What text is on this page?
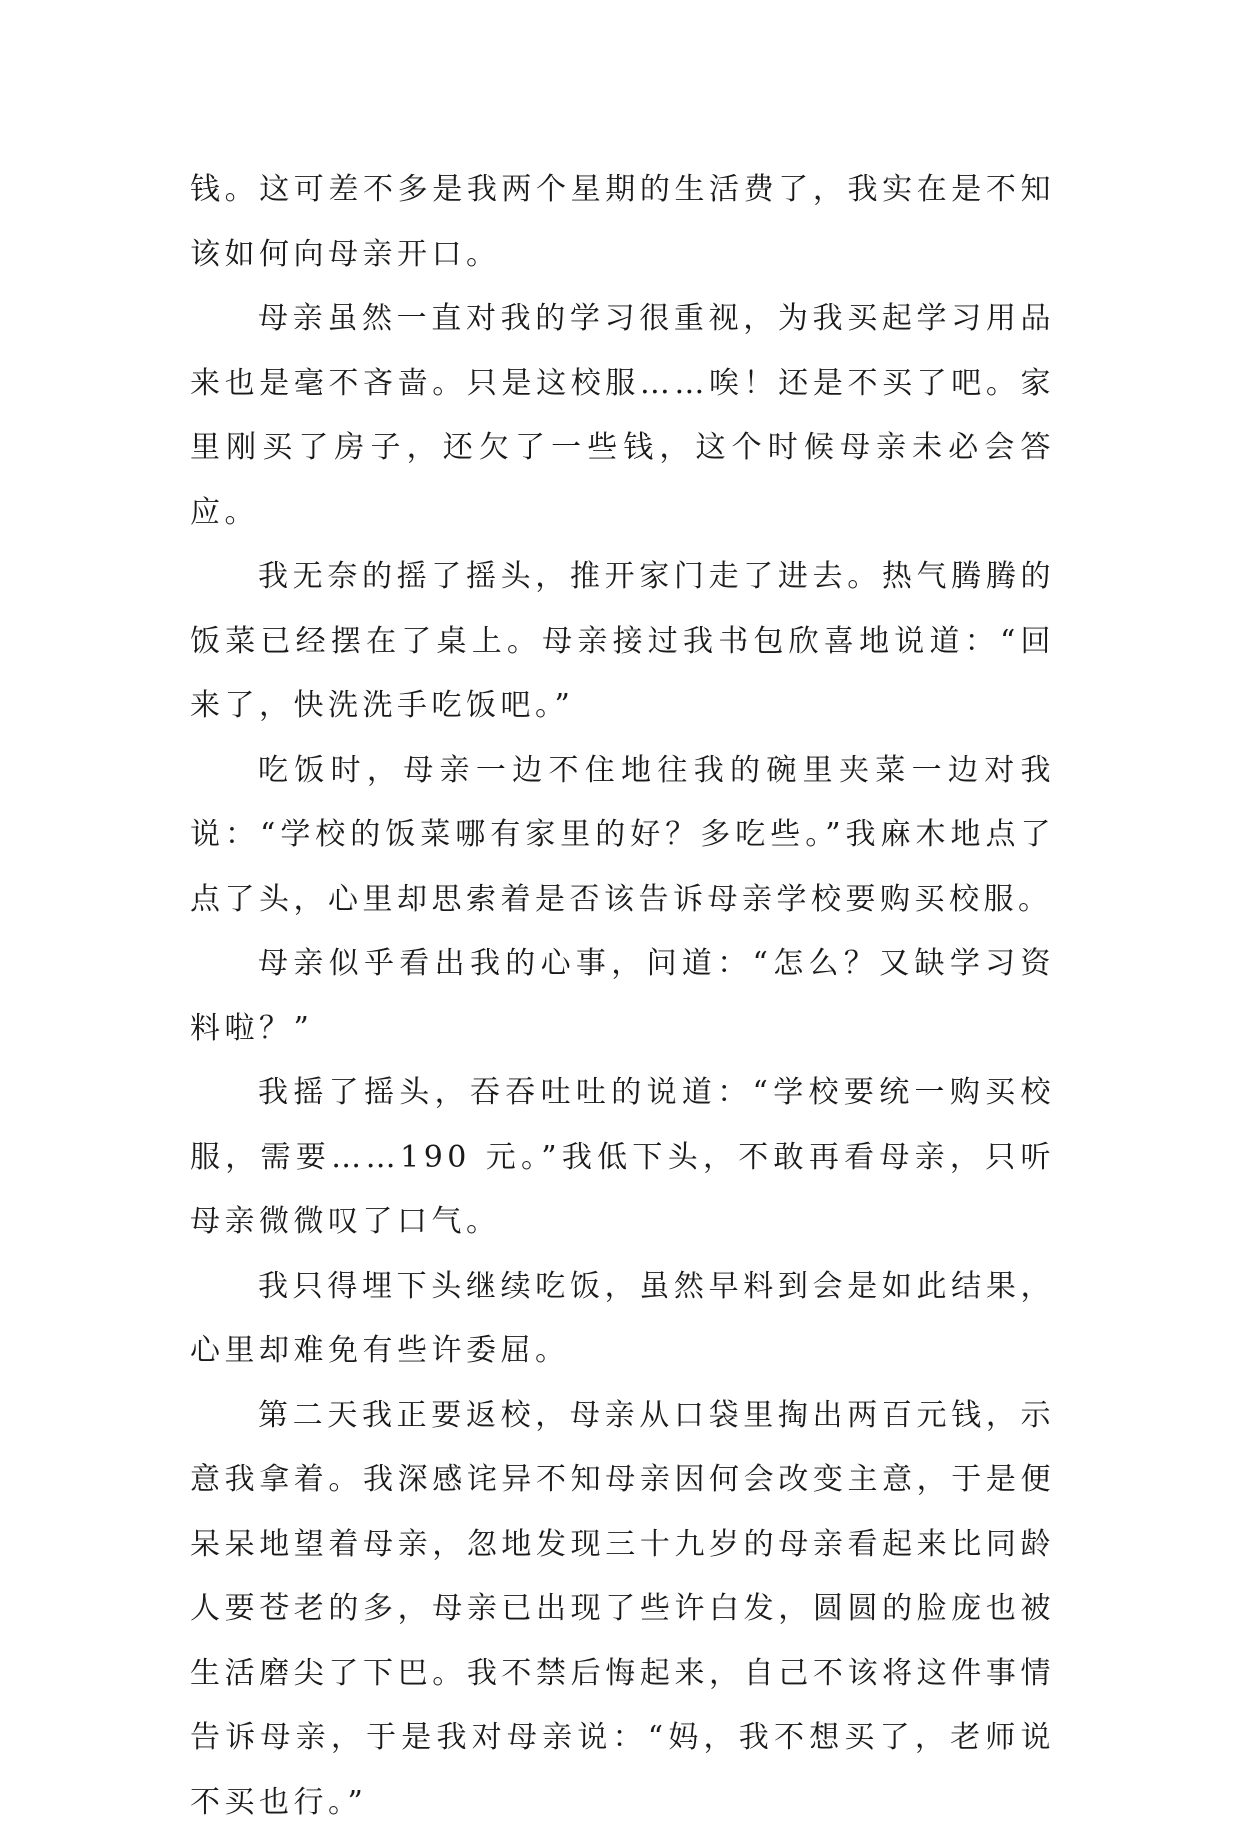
钱。这可差不多是我两个星期的生活费了，我实在是不知该如何向母亲开口。

母亲虽然一直对我的学习很重视，为我买起学习用品来也是毫不吝啬。只是这校服……唉！还是不买了吧。家里刚买了房子，还欠了一些钱，这个时候母亲未必会答应。

我无奈的摇了摇头，推开家门走了进去。热气腾腾的饭菜已经摆在了桌上。母亲接过我书包欣喜地说道：“回来了，快洗洗手吃饭吧。”

吃饭时，母亲一边不住地往我的碗里夹菜一边对我说：“学校的饭菜哪有家里的好？多吃些。”我麻木地点了点了头，心里却思索着是否该告诉母亲学校要购买校服。

母亲似乎看出我的心事，问道：“怎么？又缺学习资料啦？”

我摇了摇头，吞吞吐吐的说道：“学校要统一购买校服，需要……190 元。”我低下头，不敢再看母亲，只听母亲微微叹了口气。

我只得埋下头继续吃饭，虽然早料到会是如此结果，心里却难免有些许委屈。

第二天我正要返校，母亲从口袋里掏出两百元钱，示意我拿着。我深感诧异不知母亲因何会改变主意，于是便呆呆地望着母亲，忽地发现三十九岁的母亲看起来比同龄人要苍老的多，母亲已出现了些许白发，圆圆的脸庞也被生活磨尖了下巴。我不禁后悔起来，自己不该将这件事情告诉母亲，于是我对母亲说：“妈，我不想买了，老师说不买也行。”
